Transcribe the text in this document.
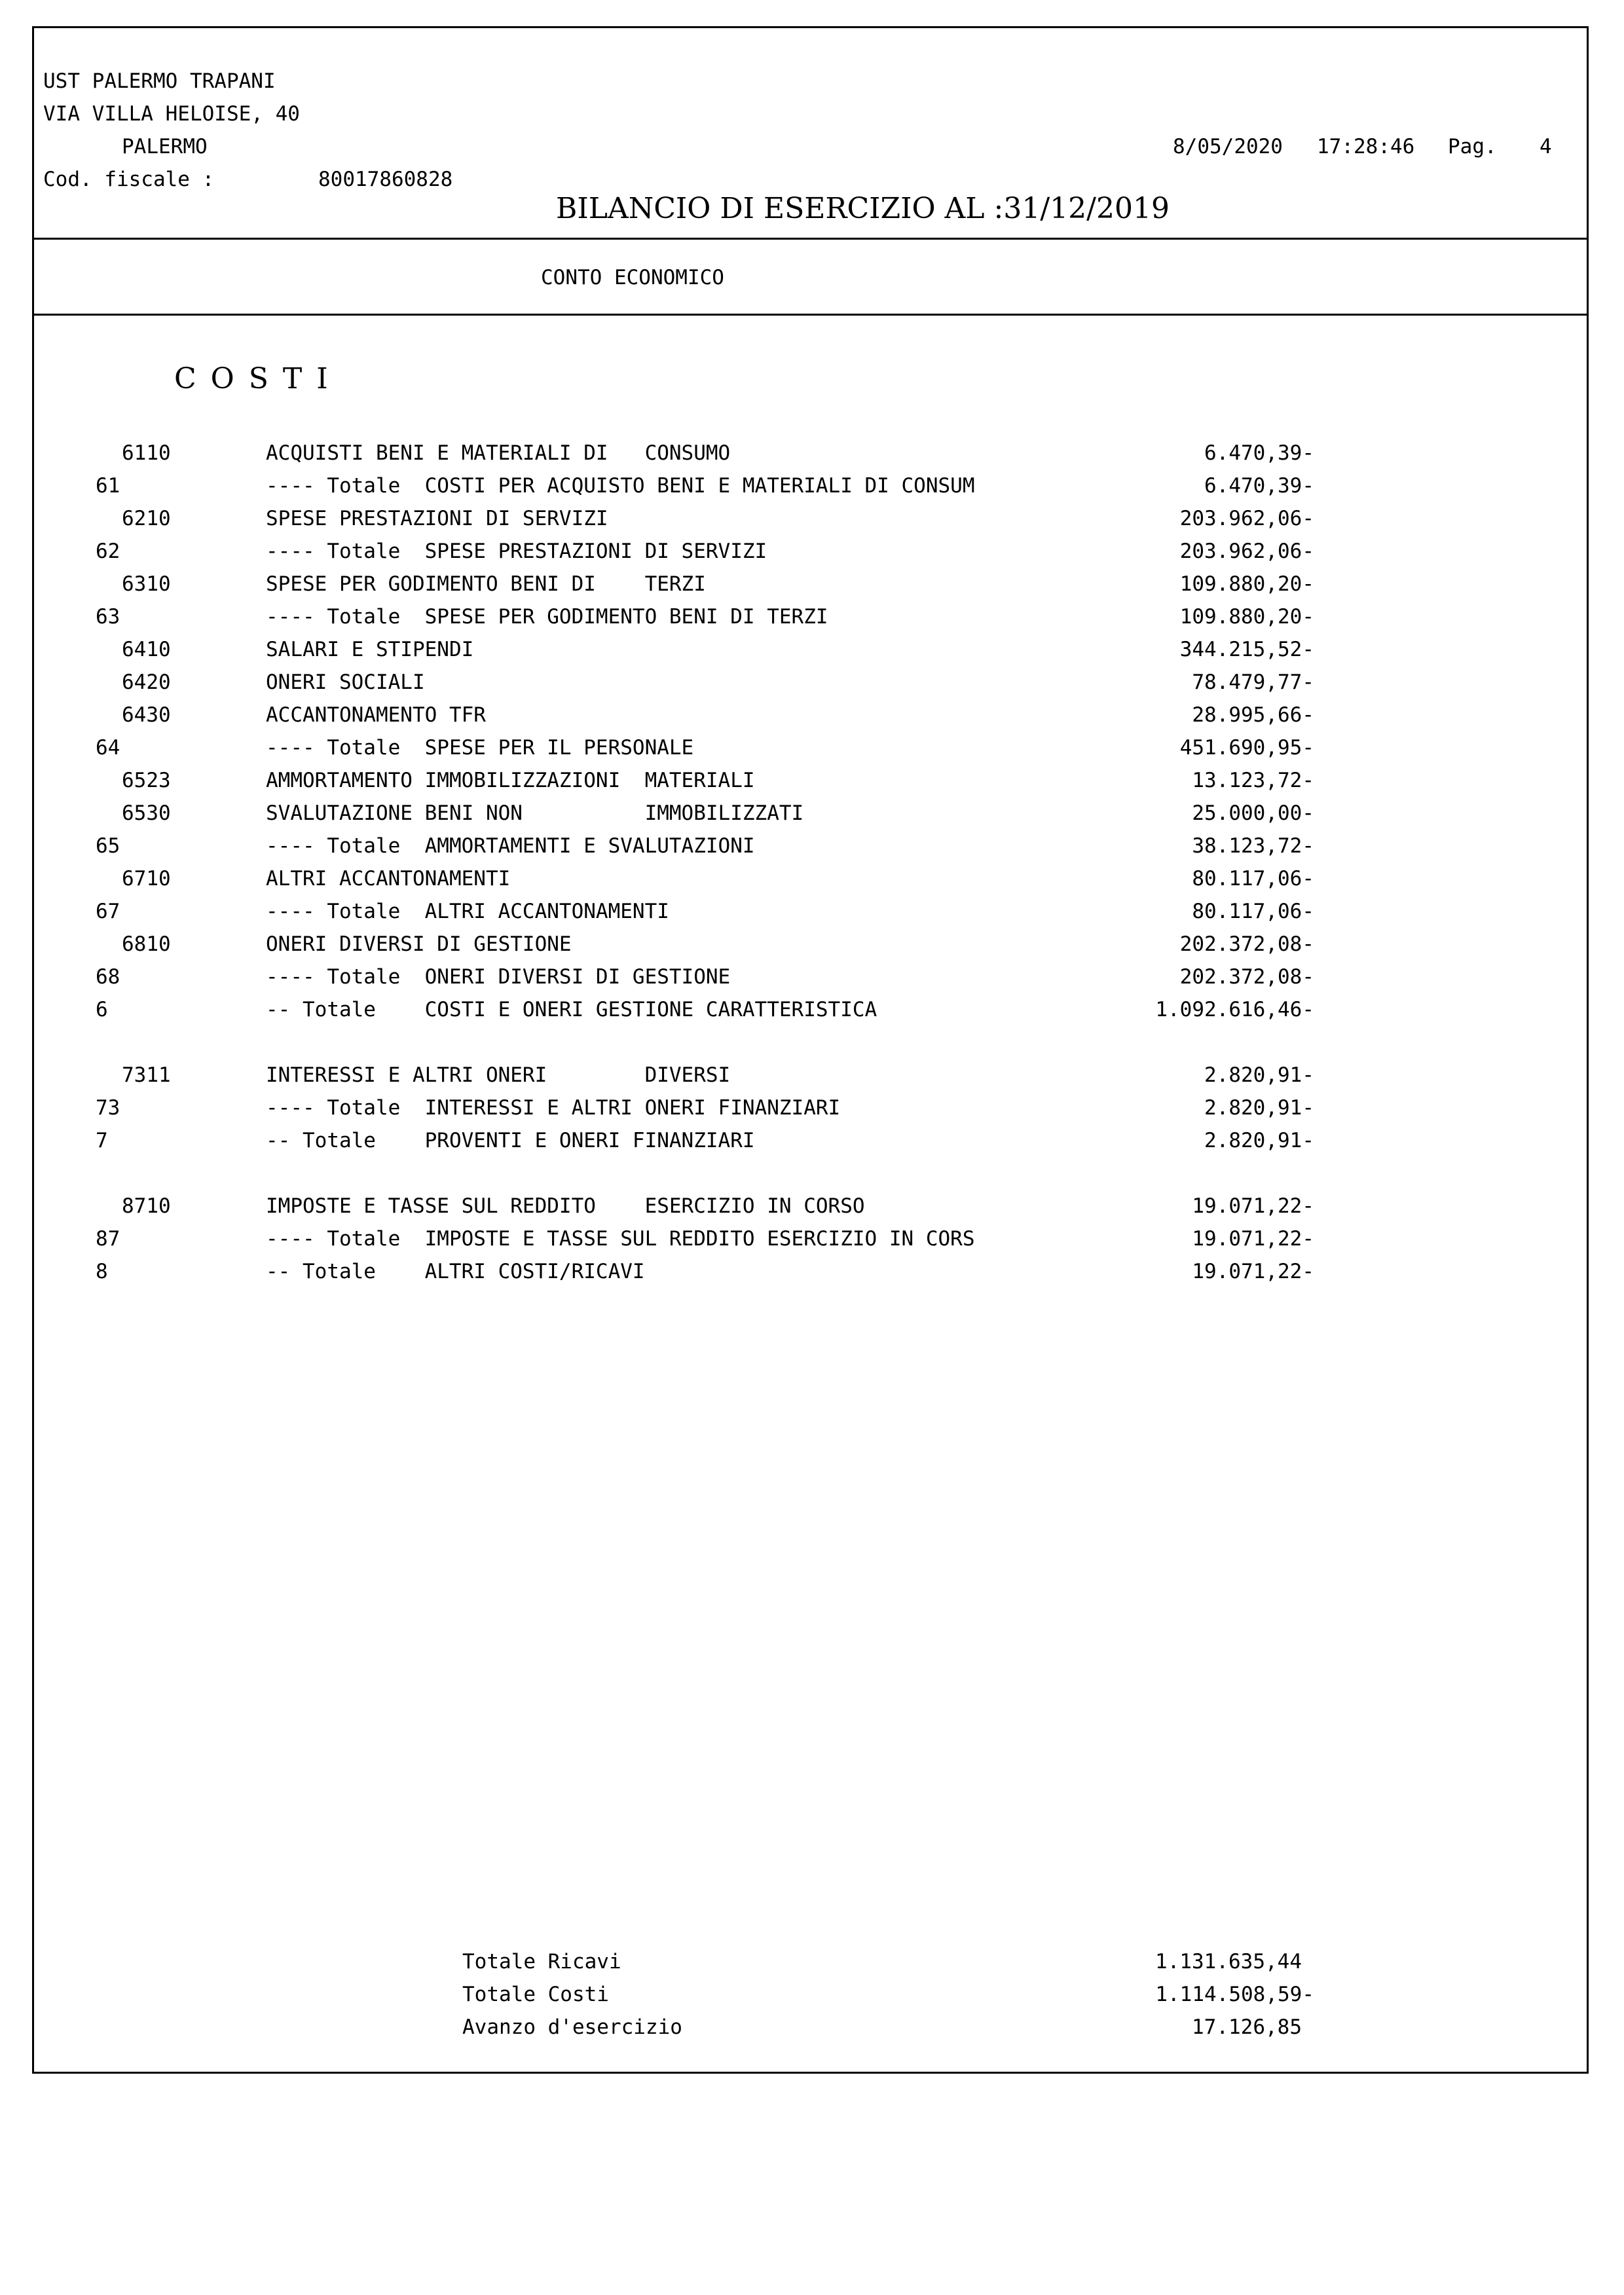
UST PALERMO TRAPANI
VIA VILLA HELOISE, 40
PALERMO
Cod. fiscale :	80017860828
8/05/2020 17:28:46 Pag. 4
BILANCIO DI ESERCIZIO AL :31/12/2019
CONTO ECONOMICO
COSTI
6110	ACQUISTI BENI E MATERIALI DI   CONSUMO	6.470,39-
61	---- Totale  COSTI PER ACQUISTO BENI E MATERIALI DI CONSUM	6.470,39-
6210	SPESE PRESTAZIONI DI SERVIZI	203.962,06-
62	---- Totale  SPESE PRESTAZIONI DI SERVIZI	203.962,06-
6310	SPESE PER GODIMENTO BENI DI    TERZI	109.880,20-
63	---- Totale  SPESE PER GODIMENTO BENI DI TERZI	109.880,20-
6410	SALARI E STIPENDI	344.215,52-
6420	ONERI SOCIALI	78.479,77-
6430	ACCANTONAMENTO TFR	28.995,66-
64	---- Totale  SPESE PER IL PERSONALE	451.690,95-
6523	AMMORTAMENTO IMMOBILIZZAZIONI  MATERIALI	13.123,72-
6530	SVALUTAZIONE BENI NON          IMMOBILIZZATI	25.000,00-
65	---- Totale  AMMORTAMENTI E SVALUTAZIONI	38.123,72-
6710	ALTRI ACCANTONAMENTI	80.117,06-
67	---- Totale  ALTRI ACCANTONAMENTI	80.117,06-
6810	ONERI DIVERSI DI GESTIONE	202.372,08-
68	---- Totale  ONERI DIVERSI DI GESTIONE	202.372,08-
6	-- Totale    COSTI E ONERI GESTIONE CARATTERISTICA	1.092.616,46-
7311	INTERESSI E ALTRI ONERI        DIVERSI	2.820,91-
73	---- Totale  INTERESSI E ALTRI ONERI FINANZIARI	2.820,91-
7	-- Totale    PROVENTI E ONERI FINANZIARI	2.820,91-
8710	IMPOSTE E TASSE SUL REDDITO    ESERCIZIO IN CORSO	19.071,22-
87	---- Totale  IMPOSTE E TASSE SUL REDDITO ESERCIZIO IN CORS	19.071,22-
8	-- Totale    ALTRI COSTI/RICAVI	19.071,22-
Totale Ricavi	1.131.635,44
Totale Costi	1.114.508,59-
Avanzo d'esercizio	17.126,85
